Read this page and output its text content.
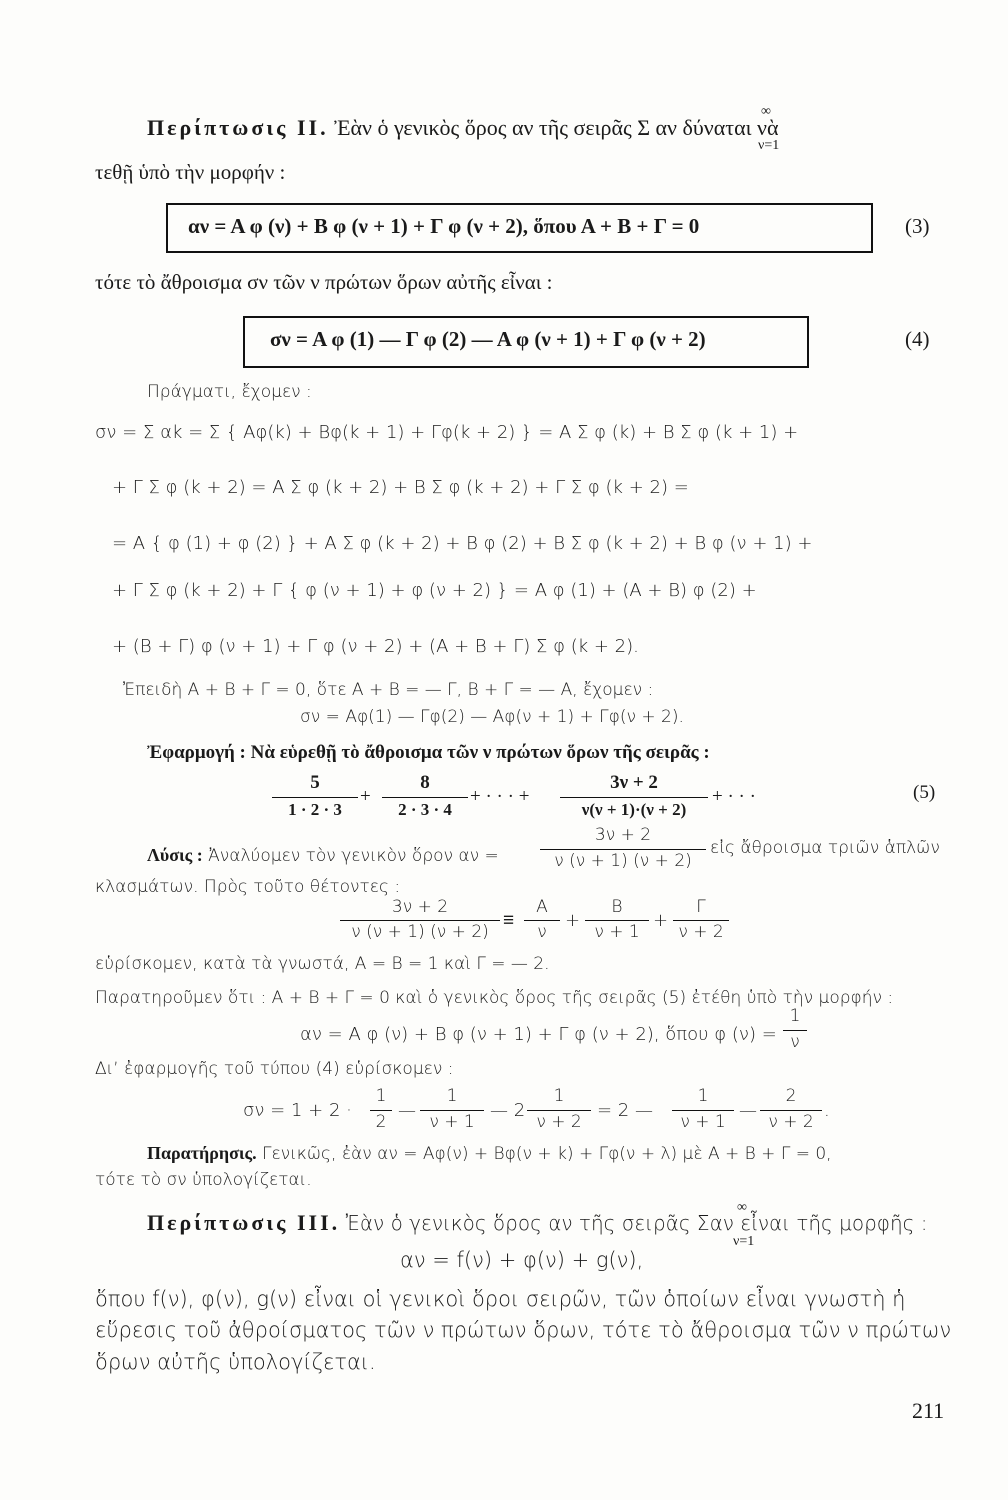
Περίπτωσις II. Ἐὰν ὁ γενικὸς ὅρος αν τῆς σειρᾶς Σ αν δύναται νὰ
∞
ν=1
τεθῇ ὑπὸ τὴν μορφήν :
αν = Α φ (ν) + Β φ (ν + 1) + Γ φ (ν + 2), ὅπου Α + Β + Γ = 0	(3)
τότε τὸ ἄθροισμα σν τῶν ν πρώτων ὅρων αὐτῆς εἶναι :
σν = Α φ (1) — Γ φ (2) — Α φ (ν + 1) + Γ φ (ν + 2)	(4)
Πράγματι, ἔχομεν :
σν = Σ αk = Σ { Αφ(k) + Βφ(k + 1) + Γφ(k + 2) } = Α Σ φ (k) + Β Σ φ (k + 1) +
+ Γ Σ φ (k + 2) = Α Σ φ (k + 2) + Β Σ φ (k + 2) + Γ Σ φ (k + 2) =
= Α { φ (1) + φ (2) } + Α Σ φ (k + 2) + Β φ (2) + Β Σ φ (k + 2) + Β φ (ν + 1) +
+ Γ Σ φ (k + 2) + Γ { φ (ν + 1) + φ (ν + 2) } = Α φ (1) + (Α + Β) φ (2) +
+ (Β + Γ) φ (ν + 1) + Γ φ (ν + 2) + (Α + Β + Γ) Σ φ (k + 2).
Ἐπειδὴ Α + Β + Γ = 0, ὅτε Α + Β = — Γ, Β + Γ = — Α, ἔχομεν :
σν = Αφ(1) — Γφ(2) — Αφ(ν + 1) + Γφ(ν + 2).
Ἐφαρμογή : Νὰ εὑρεθῇ τὸ ἄθροισμα τῶν ν πρώτων ὅρων τῆς σειρᾶς :
5
1 · 2 · 3
+
8
2 · 3 · 4
+ · · · +
3ν + 2
ν(ν + 1)·(ν + 2)
+ · · ·	(5)
Λύσις : Ἀναλύομεν τὸν γενικὸν ὅρον αν =
3ν + 2
ν (ν + 1) (ν + 2)
εἰς ἄθροισμα τριῶν ἁπλῶν
κλασμάτων. Πρὸς τοῦτο θέτοντες :
3ν + 2
ν (ν + 1) (ν + 2)
≡
Α
ν
+
Β
ν + 1
+
Γ
ν + 2
εὑρίσκομεν, κατὰ τὰ γνωστά, Α = Β = 1 καὶ Γ = — 2.
Παρατηροῦμεν ὅτι : Α + Β + Γ = 0 καὶ ὁ γενικὸς ὅρος τῆς σειρᾶς (5) ἐτέθη ὑπὸ τὴν μορφήν :
αν = Α φ (ν) + Β φ (ν + 1) + Γ φ (ν + 2), ὅπου φ (ν) =
1
ν
Διʼ ἐφαρμογῆς τοῦ τύπου (4) εὑρίσκομεν :
σν = 1 + 2 ·
1
2
—
1
ν + 1
— 2
1
ν + 2
= 2 —
1
ν + 1
—
2
ν + 2
.
Παρατήρησις. Γενικῶς, ἐὰν αν = Αφ(ν) + Βφ(ν + k) + Γφ(ν + λ) μὲ Α + Β + Γ = 0,
τότε τὸ σν ὑπολογίζεται.
Περίπτωσις III. Ἐὰν ὁ γενικὸς ὅρος αν τῆς σειρᾶς Σαν εἶναι τῆς μορφῆς :
∞
ν=1
αν = f(ν) + φ(ν) + g(ν),
ὅπου f(ν), φ(ν), g(ν) εἶναι οἱ γενικοὶ ὅροι σειρῶν, τῶν ὁποίων εἶναι γνωστὴ ἡ
εὕρεσις τοῦ ἀθροίσματος τῶν ν πρώτων ὅρων, τότε τὸ ἄθροισμα τῶν ν πρώτων
ὅρων αὐτῆς ὑπολογίζεται.
211
